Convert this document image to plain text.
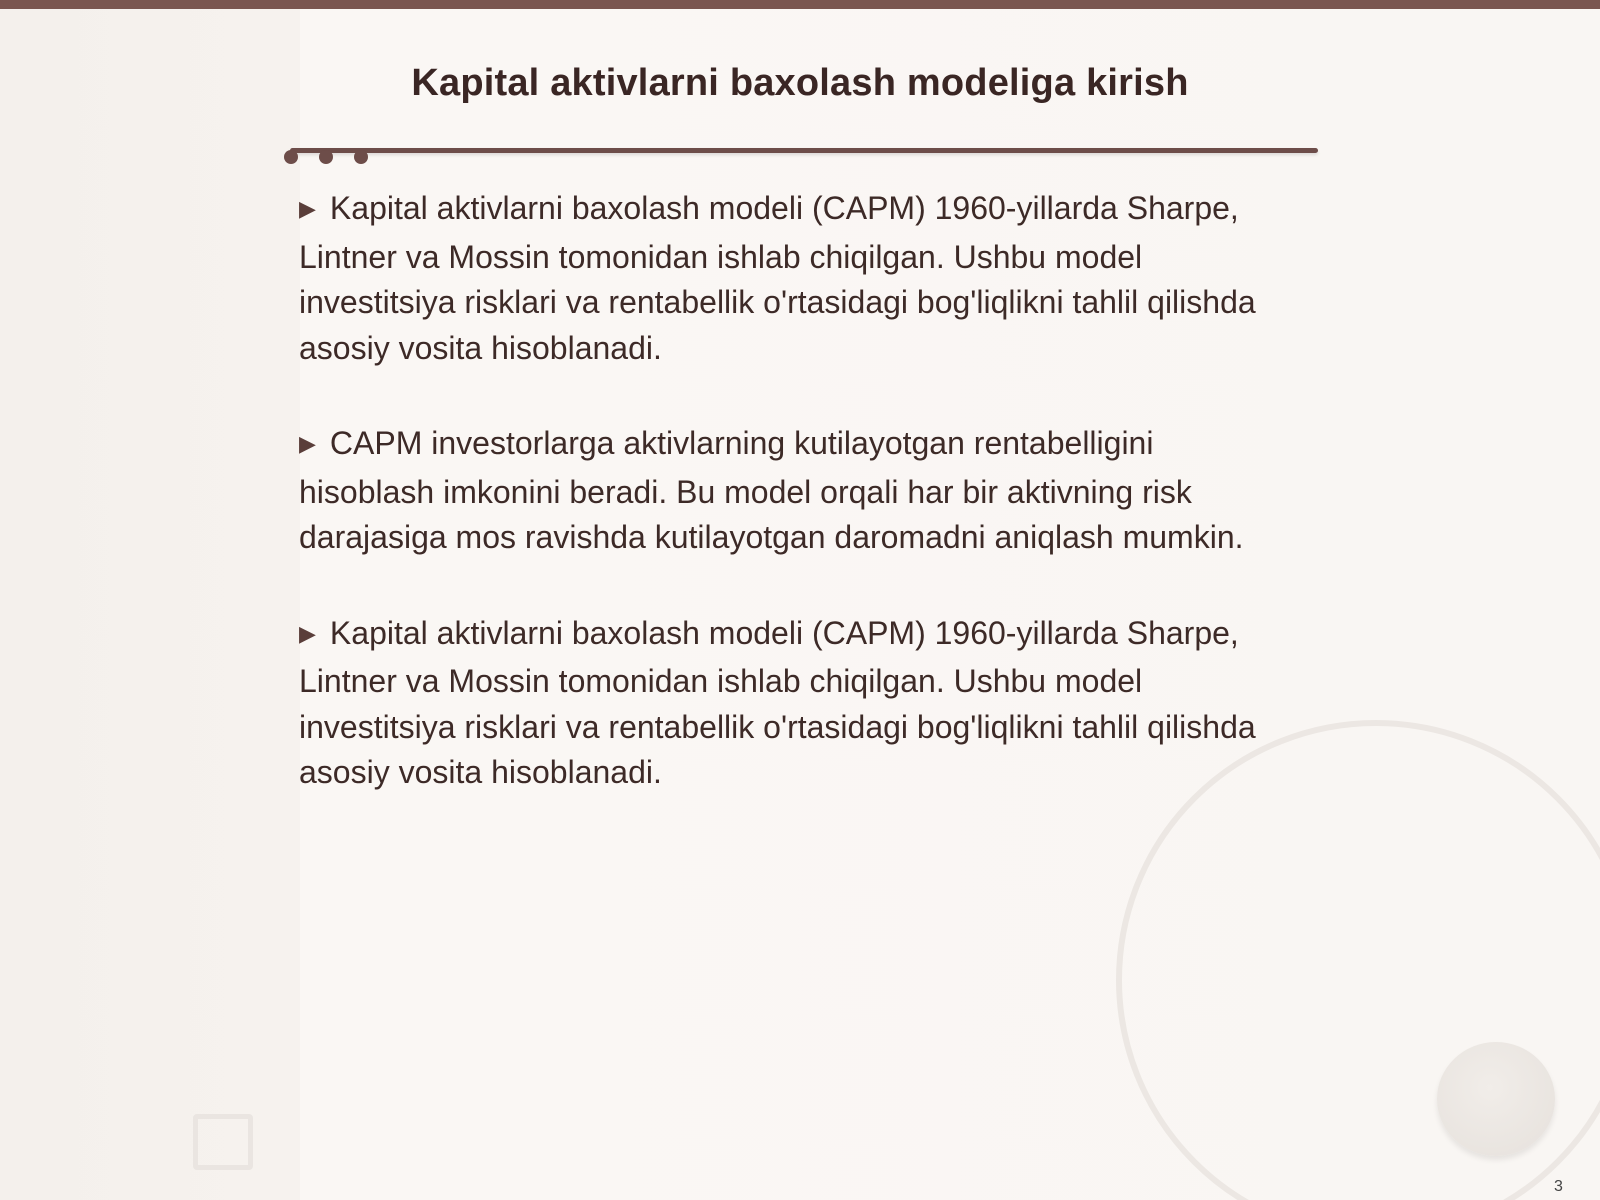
Kapital aktivlarni baxolash modeliga kirish
▶ Kapital aktivlarni baxolash modeli (CAPM) 1960-yillarda Sharpe, Lintner va Mossin tomonidan ishlab chiqilgan. Ushbu model investitsiya risklari va rentabellik o'rtasidagi bog'liqlikni tahlil qilishda asosiy vosita hisoblanadi.
▶ CAPM investorlarga aktivlarning kutilayotgan rentabelligini hisoblash imkonini beradi. Bu model orqali har bir aktivning risk darajasiga mos ravishda kutilayotgan daromadni aniqlash mumkin.
▶ Kapital aktivlarni baxolash modeli (CAPM) 1960-yillarda Sharpe, Lintner va Mossin tomonidan ishlab chiqilgan. Ushbu model investitsiya risklari va rentabellik o'rtasidagi bog'liqlikni tahlil qilishda asosiy vosita hisoblanadi.
3
